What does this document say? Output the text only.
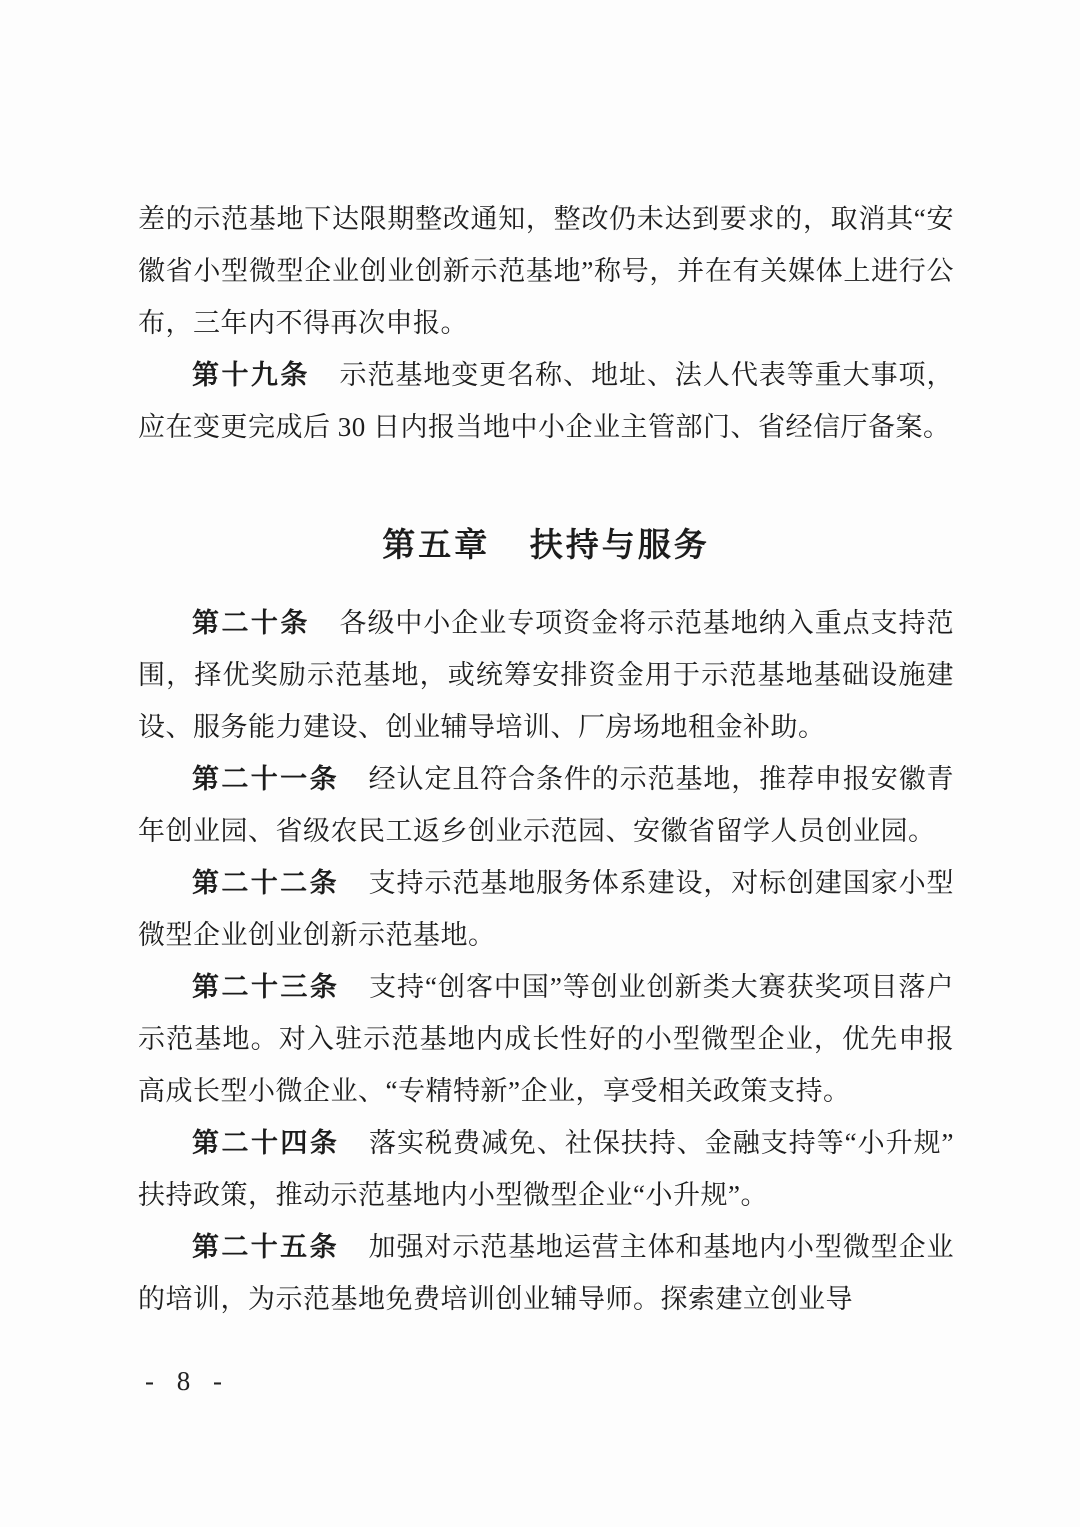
差的示范基地下达限期整改通知，整改仍未达到要求的，取消其“安徽省小型微型企业创业创新示范基地”称号，并在有关媒体上进行公布，三年内不得再次申报。

第十九条 示范基地变更名称、地址、法人代表等重大事项，应在变更完成后 30 日内报当地中小企业主管部门、省经信厅备案。

第五章 扶持与服务

第二十条 各级中小企业专项资金将示范基地纳入重点支持范围，择优奖励示范基地，或统筹安排资金用于示范基地基础设施建设、服务能力建设、创业辅导培训、厂房场地租金补助。

第二十一条 经认定且符合条件的示范基地，推荐申报安徽青年创业园、省级农民工返乡创业示范园、安徽省留学人员创业园。

第二十二条 支持示范基地服务体系建设，对标创建国家小型微型企业创业创新示范基地。

第二十三条 支持“创客中国”等创业创新类大赛获奖项目落户示范基地。对入驻示范基地内成长性好的小型微型企业，优先申报高成长型小微企业、“专精特新”企业，享受相关政策支持。

第二十四条 落实税费减免、社保扶持、金融支持等“小升规”扶持政策，推动示范基地内小型微型企业“小升规”。

第二十五条 加强对示范基地运营主体和基地内小型微型企业的培训，为示范基地免费培训创业辅导师。探索建立创业导

- 8 -
